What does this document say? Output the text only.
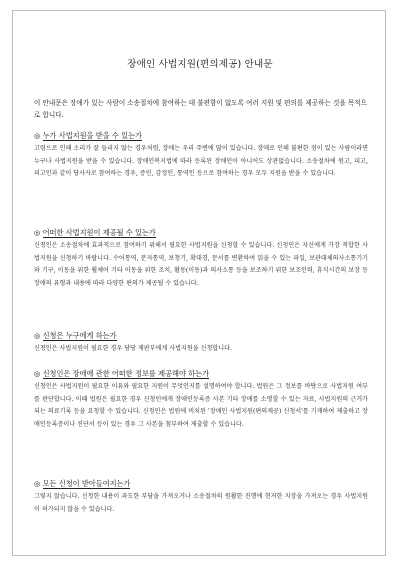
장애인 사법지원(편의제공) 안내문
이 안내문은 장애가 있는 사람이 소송절차에 참여하는 데 불편함이 없도록 여러 지원 및 편의를 제공하는 것을 목적으로 합니다.
◎ 누가 사법지원을 받을 수 있는가
고령으로 인해 소리가 잘 들리지 않는 경우처럼, 장애는 우리 주변에 많이 있습니다. 장애로 인해 불편한 점이 있는 사람이라면 누구나 사법지원을 받을 수 있습니다. 장애인복지법에 따라 등록된 장애인이 아니어도 상관없습니다. 소송절차에 원고, 피고, 피고인과 같이 당사자로 참여하는 경우, 증인, 감정인, 통역인 등으로 참여하는 경우 모두 지원을 받을 수 있습니다.
◎ 어떠한 사법지원이 제공될 수 있는가
신청인은 소송절차에 효과적으로 참여하기 위해서 필요한 사법지원을 신청할 수 있습니다. 신청인은 자신에게 가장 적합한 사법지원을 신청하기 바랍니다. 수어통역, 문자통역, 보청기, 확대경, 문서를 변환하여 읽을 수 있는 파일, 보관대체의사소통기기와 기구, 이동을 위한 휠체어 기타 이동을 위한 조치, 활동(이동)과 의사소통 등을 보조하기 위한 보조인력, 휴식시간의 보장 등 장애의 유형과 내용에 따라 다양한 편의가 제공될 수 있습니다.
◎ 신청은 누구에게 하는가
신청인은 사법지원이 필요한 경우 담당 재판부에게 사법지원을 신청합니다.
◎ 신청인은 장애에 관한 어떠한 정보를 제공해야 하는가
신청인은 사법지원이 필요한 이유와 필요한 지원이 무엇인지를 설명하여야 합니다. 법원은 그 정보를 바탕으로 사법지원 여부를 판단합니다. 이때 법원은 필요한 경우 신청인에게 장애인등록증 사본 기타 장애를 소명할 수 있는 자료, 사법지원의 근거가 되는 의료기록 등을 요청할 수 있습니다. 신청인은 법원에 비치된 '장애인 사법지원(편의제공) 신청서'를 기재하여 제출하고 장애인등록증이나 진단서 등이 있는 경우 그 사본을 첨부하여 제출할 수 있습니다.
◎ 모든 신청이 받아들여지는가
그렇지 않습니다. 신청한 내용이 과도한 부담을 가져오거나 소송절차의 원활한 진행에 현저한 지장을 가져오는 경우 사법지원이 허가되지 않을 수 있습니다.
